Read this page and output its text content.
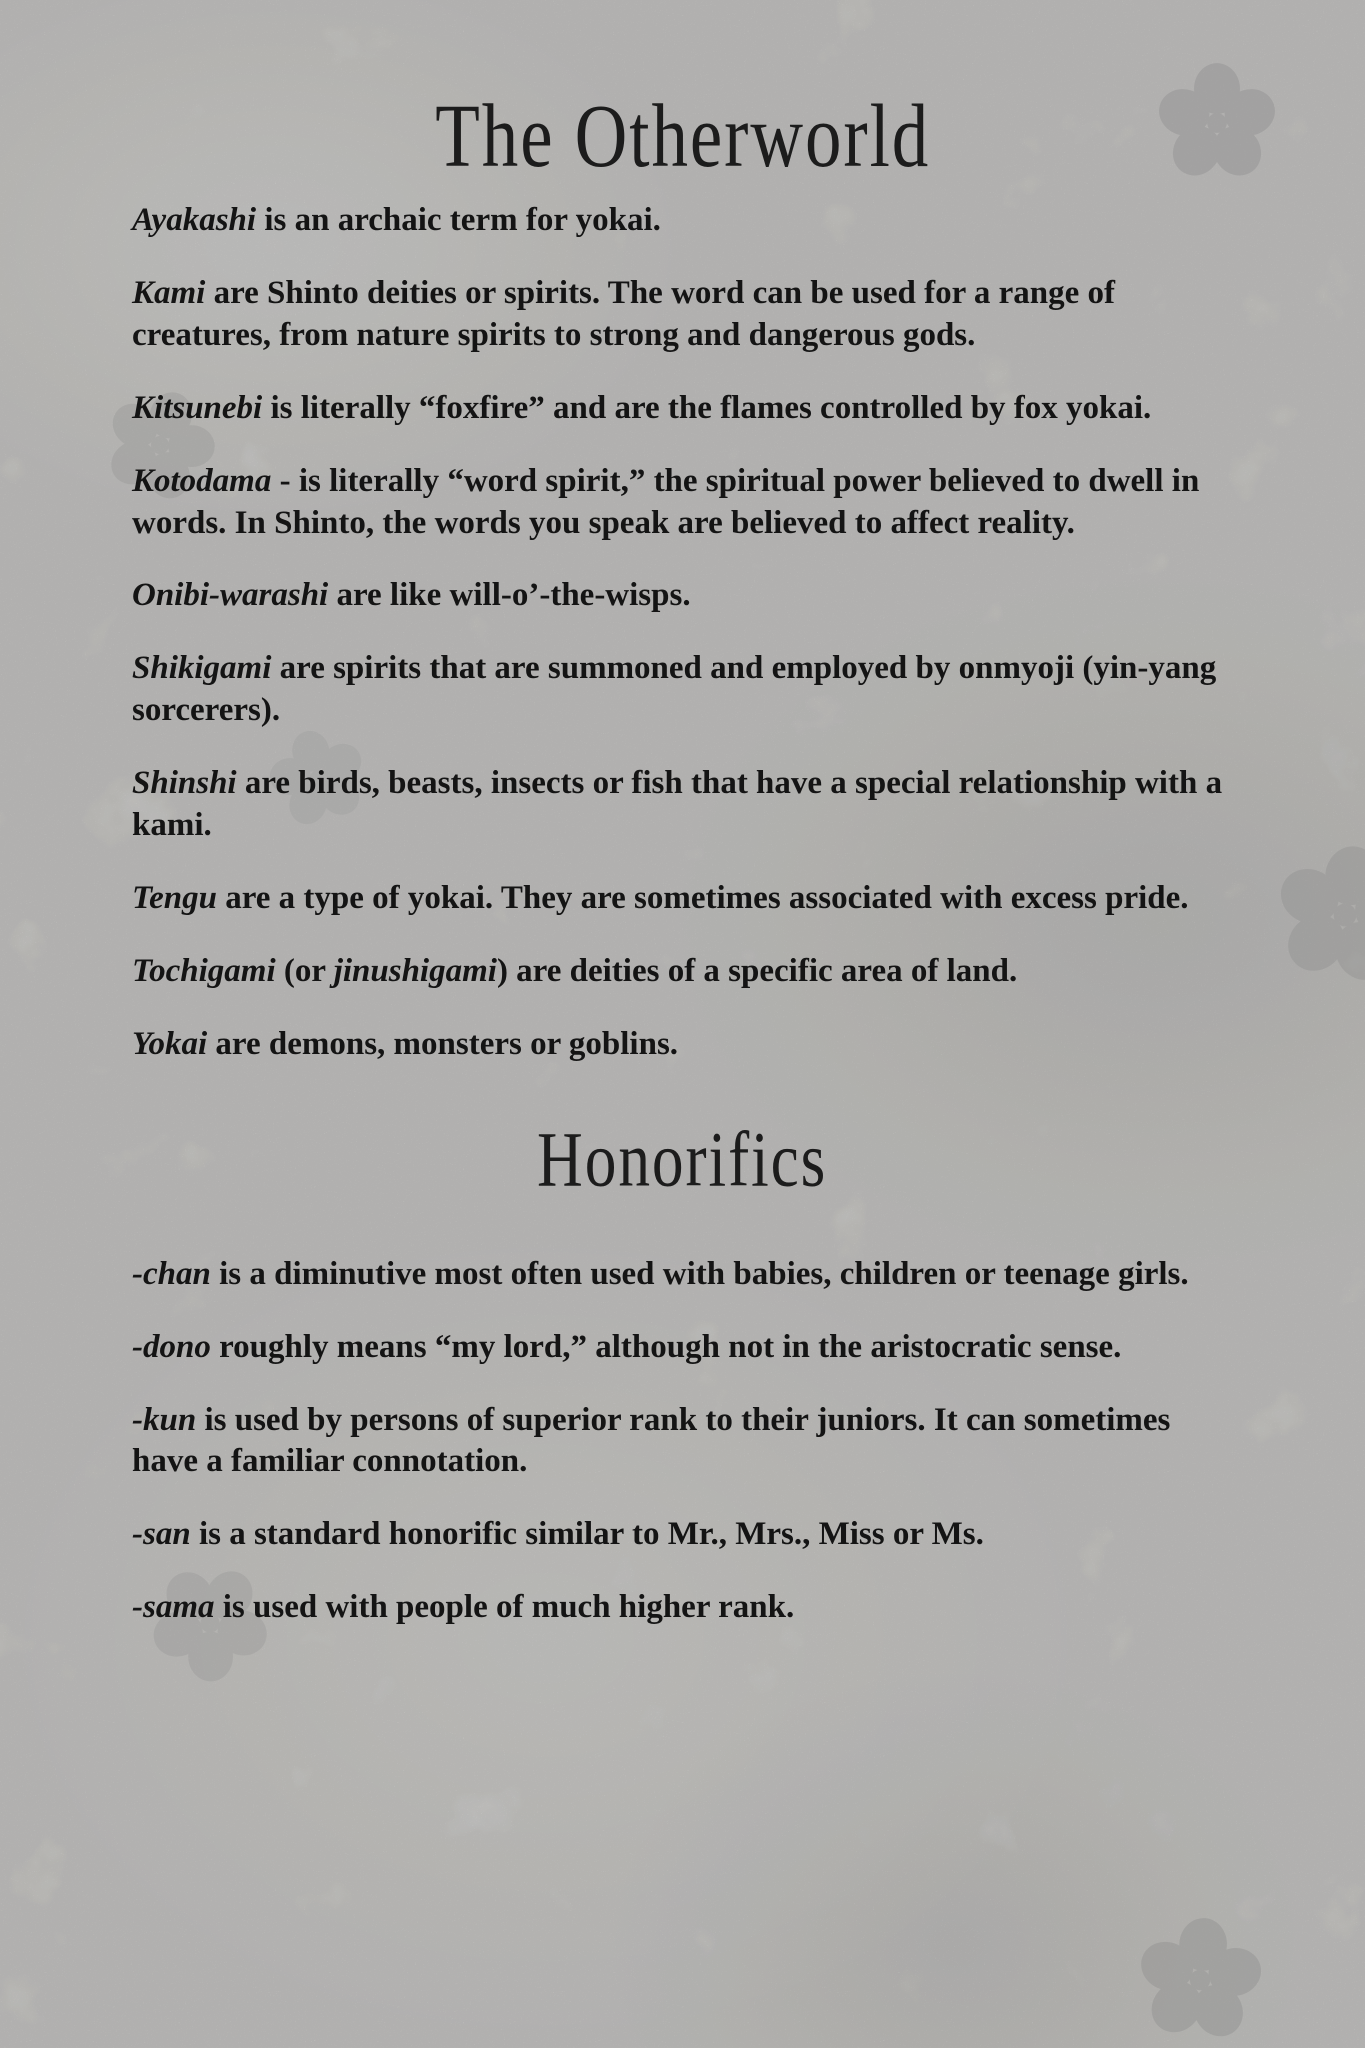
The Otherworld

Ayakashi is an archaic term for yokai.

Kami are Shinto deities or spirits. The word can be used for a range of creatures, from nature spirits to strong and dangerous gods.

Kitsunebi is literally “foxfire” and are the flames controlled by fox yokai.

Kotodama - is literally “word spirit,” the spiritual power believed to dwell in words. In Shinto, the words you speak are believed to affect reality.

Onibi-warashi are like will-o’-the-wisps.

Shikigami are spirits that are summoned and employed by onmyoji (yin-yang sorcerers).

Shinshi are birds, beasts, insects or fish that have a special relationship with a kami.

Tengu are a type of yokai. They are sometimes associated with excess pride.

Tochigami (or jinushigami) are deities of a specific area of land.

Yokai are demons, monsters or goblins.

Honorifics

-chan is a diminutive most often used with babies, children or teenage girls.

-dono roughly means “my lord,” although not in the aristocratic sense.

-kun is used by persons of superior rank to their juniors. It can sometimes have a familiar connotation.

-san is a standard honorific similar to Mr., Mrs., Miss or Ms.

-sama is used with people of much higher rank.
